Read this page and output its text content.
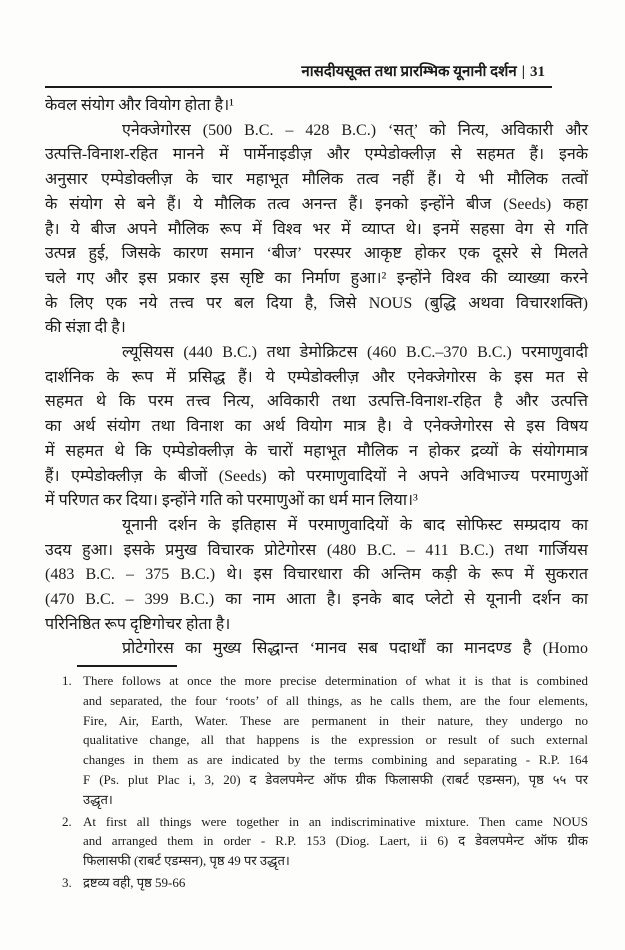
नासदीयसूक्त तथा प्रारम्भिक यूनानी दर्शन | 31
केवल संयोग और वियोग होता है।¹
एनेक्जेगोरस (500 B.C. – 428 B.C.) ‘सत्’ को नित्य, अविकारी और
उत्पत्ति-विनाश-रहित मानने में पार्मेनाइडीज़ और एम्पेडोक्लीज़ से सहमत हैं। इनके
अनुसार एम्पेडोक्लीज़ के चार महाभूत मौलिक तत्व नहीं हैं। ये भी मौलिक तत्वों
के संयोग से बने हैं। ये मौलिक तत्व अनन्त हैं। इनको इन्होंने बीज (Seeds) कहा
है। ये बीज अपने मौलिक रूप में विश्व भर में व्याप्त थे। इनमें सहसा वेग से गति
उत्पन्न हुई, जिसके कारण समान ‘बीज’ परस्पर आकृष्ट होकर एक दूसरे से मिलते
चले गए और इस प्रकार इस सृष्टि का निर्माण हुआ।² इन्होंने विश्व की व्याख्या करने
के लिए एक नये तत्त्व पर बल दिया है, जिसे NOUS (बुद्धि अथवा विचारशक्ति)
की संज्ञा दी है।
ल्यूसियस (440 B.C.) तथा डेमोक्रिटस (460 B.C.–370 B.C.) परमाणुवादी
दार्शनिक के रूप में प्रसिद्ध हैं। ये एम्पेडोक्लीज़ और एनेक्जेगोरस के इस मत से
सहमत थे कि परम तत्त्व नित्य, अविकारी तथा उत्पत्ति-विनाश-रहित है और उत्पत्ति
का अर्थ संयोग तथा विनाश का अर्थ वियोग मात्र है। वे एनेक्जेगोरस से इस विषय
में सहमत थे कि एम्पेडोक्लीज़ के चारों महाभूत मौलिक न होकर द्रव्यों के संयोगमात्र
हैं। एम्पेडोक्लीज़ के बीजों (Seeds) को परमाणुवादियों ने अपने अविभाज्य परमाणुओं
में परिणत कर दिया। इन्होंने गति को परमाणुओं का धर्म मान लिया।³
यूनानी दर्शन के इतिहास में परमाणुवादियों के बाद सोफिस्ट सम्प्रदाय का
उदय हुआ। इसके प्रमुख विचारक प्रोटेगोरस (480 B.C. – 411 B.C.) तथा गार्जियस
(483 B.C. – 375 B.C.) थे। इस विचारधारा की अन्तिम कड़ी के रूप में सुकरात
(470 B.C. – 399 B.C.) का नाम आता है। इनके बाद प्लेटो से यूनानी दर्शन का
परिनिष्ठित रूप दृष्टिगोचर होता है।
प्रोटेगोरस का मुख्य सिद्धान्त ‘मानव सब पदार्थों का मानदण्ड है (Homo
1. There follows at once the more precise determination of what it is that is combined
and separated, the four ‘roots’ of all things, as he calls them, are the four elements,
Fire, Air, Earth, Water. These are permanent in their nature, they undergo no
qualitative change, all that happens is the expression or result of such external
changes in them as are indicated by the terms combining and separating - R.P. 164
F (Ps. plut Plac i, 3, 20) द डेवलपमेन्ट ऑफ ग्रीक फिलासफी (राबर्ट एडम्सन), पृष्ठ ५५ पर
उद्धृत।
2. At first all things were together in an indiscriminative mixture. Then came NOUS
and arranged them in order - R.P. 153 (Diog. Laert, ii 6) द डेवलपमेन्ट ऑफ ग्रीक
फिलासफी (राबर्ट एडम्सन), पृष्ठ 49 पर उद्धृत।
3. द्रष्टव्य वही, पृष्ठ 59-66
